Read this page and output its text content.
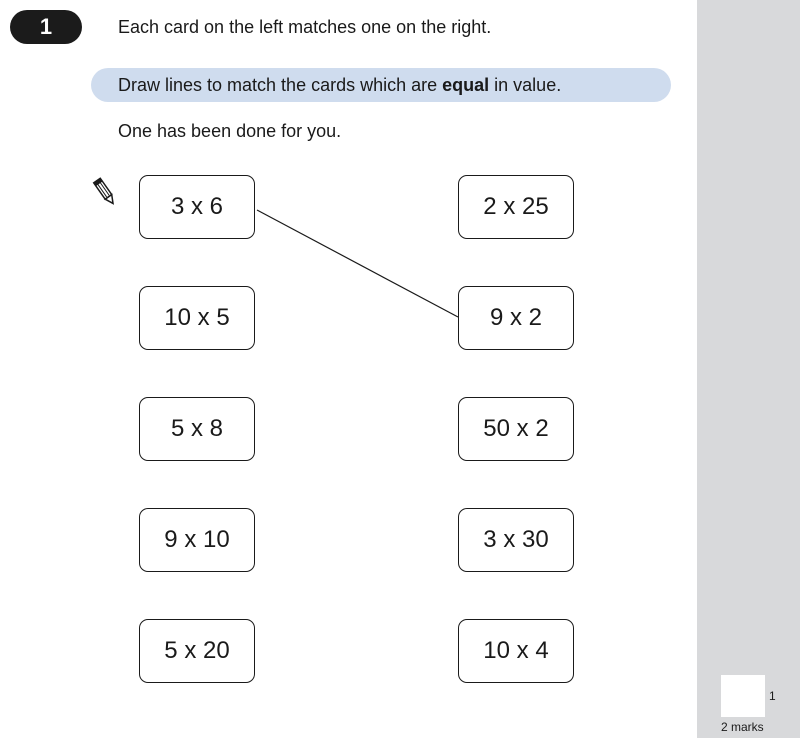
1	Each card on the left matches one on the right.
Draw lines to match the cards which are equal in value.
One has been done for you.
3 x 6
10 x 5
5 x 8
9 x 10
5 x 20
2 x 25
9 x 2
50 x 2
3 x 30
10 x 4
1
2 marks
